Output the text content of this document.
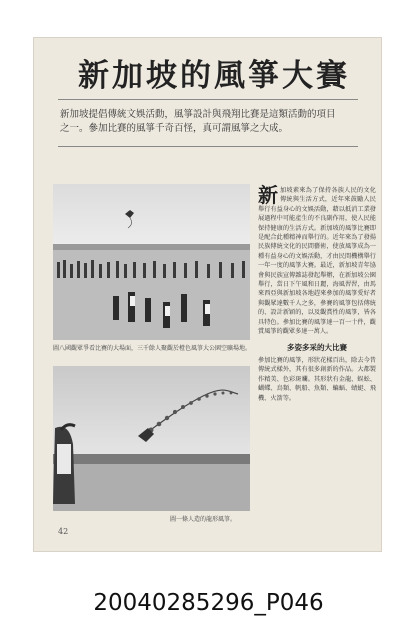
新加坡的風箏大賽
新加坡提倡傳統文娛活動，風箏設計與飛翔比賽是這類活動的項目之一。參加比賽的風箏千奇百怪，真可謂風箏之大成。
圖八國觀眾爭看比賽的大場面，三千餘人聚觀於橙色風箏大公園空曠場地。
圖一條人造的龍形風箏。
新 加坡素來為了保持各族人民的文化傳統與生活方式，近年來鼓勵人民舉行有益身心的文娛活動，藉以抵消工業發展過程中可能產生的不良副作用，使人民能保持健康的生活方式。新加坡的風箏比賽即是配合此種精神而舉行的。近年來為了發揚民族傳統文化的民間藝術，使放風箏成為一種有益身心的文娛活動，才由民間機構舉行一年一度的風箏大賽。最近，新加坡青年協會與民族宣傳雜誌發起舉辦，在新加坡公園舉行，當日下午風和日麗，海風習習，由馬來西亞與新加坡各地趕來參加的風箏愛好者與觀眾達數千人之多，參賽的風箏包括傳統的、設計新穎的，以及觀賞性的風箏，皆各具特色。參加比賽的風箏達一百一十件，觀賞風箏的觀眾多達一萬人。
多姿多采的大比賽
參加比賽的風箏，形狀花樣百出，除去今昔傳統式樣外，其有很多創新的作品。大都製作精美、色彩斑斕。其形狀有金龍、蜈蚣、蝴蝶、鳥類、帆船、魚類、蝙蝠、蜻蜓、飛機、火箭等。
42
20040285296_P046
